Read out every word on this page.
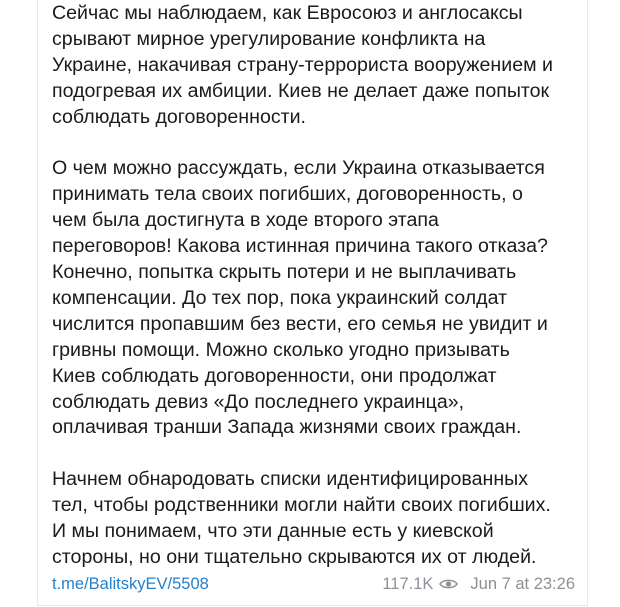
Сейчас мы наблюдаем, как Евросоюз и англосаксы
срывают мирное урегулирование конфликта на
Украине, накачивая страну-террориста вооружением и
подогревая их амбиции. Киев не делает даже попыток
соблюдать договоренности.

О чем можно рассуждать, если Украина отказывается
принимать тела своих погибших, договоренность, о
чем была достигнута в ходе второго этапа
переговоров! Какова истинная причина такого отказа?
Конечно, попытка скрыть потери и не выплачивать
компенсации. До тех пор, пока украинский солдат
числится пропавшим без вести, его семья не увидит и
гривны помощи. Можно сколько угодно призывать
Киев соблюдать договоренности, они продолжат
соблюдать девиз «До последнего украинца»,
оплачивая транши Запада жизнями своих граждан.

Начнем обнародовать списки идентифицированных
тел, чтобы родственники могли найти своих погибших.
И мы понимаем, что эти данные есть у киевской
стороны, но они тщательно скрываются их от людей.

t.me/BalitskyEV/5508	117.1K Jun 7 at 23:26
